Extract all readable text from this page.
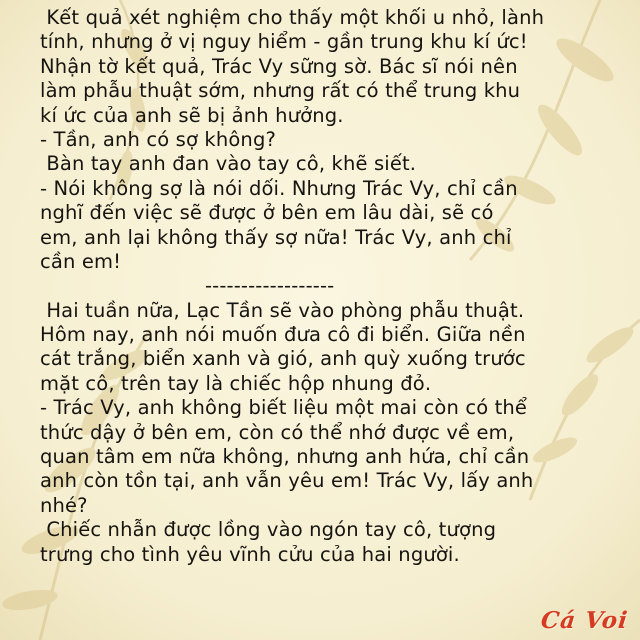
Kết quả xét nghiệm cho thấy một khối u nhỏ, lành
tính, nhưng ở vị nguy hiểm - gần trung khu kí ức!
Nhận tờ kết quả, Trác Vy sững sờ. Bác sĩ nói nên
làm phẫu thuật sớm, nhưng rất có thể trung khu
kí ức của anh sẽ bị ảnh hưởng.
- Tần, anh có sợ không?
Bàn tay anh đan vào tay cô, khẽ siết.
- Nói không sợ là nói dối. Nhưng Trác Vy, chỉ cần
nghĩ đến việc sẽ được ở bên em lâu dài, sẽ có
em, anh lại không thấy sợ nữa! Trác Vy, anh chỉ
cần em!
------------------
Hai tuần nữa, Lạc Tần sẽ vào phòng phẫu thuật.
Hôm nay, anh nói muốn đưa cô đi biển. Giữa nền
cát trắng, biển xanh và gió, anh quỳ xuống trước
mặt cô, trên tay là chiếc hộp nhung đỏ.
- Trác Vy, anh không biết liệu một mai còn có thể
thức dậy ở bên em, còn có thể nhớ được về em,
quan tâm em nữa không, nhưng anh hứa, chỉ cần
anh còn tồn tại, anh vẫn yêu em! Trác Vy, lấy anh
nhé?
Chiếc nhẫn được lồng vào ngón tay cô, tượng
trưng cho tình yêu vĩnh cửu của hai người.
Cá Voi
